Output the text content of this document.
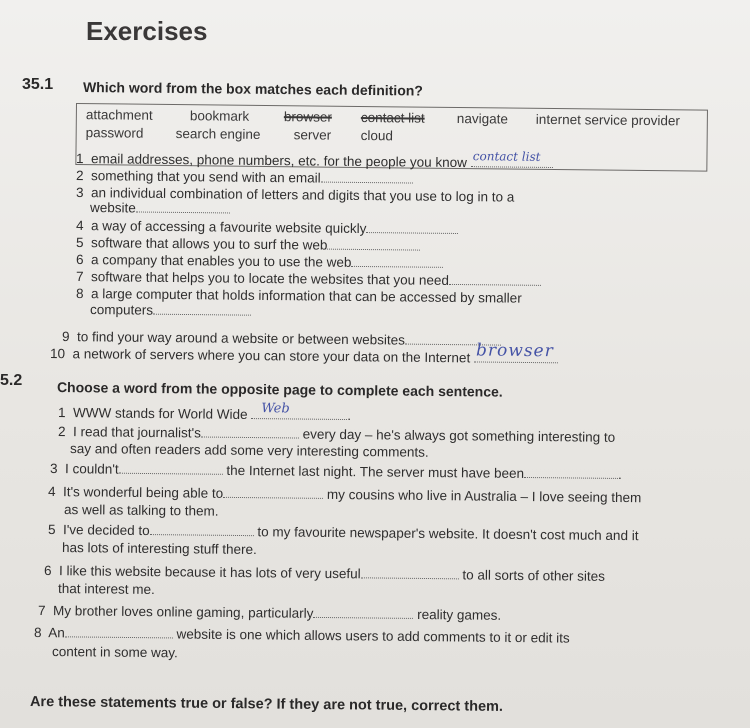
Exercises
35.1 Which word from the box matches each definition?
attachment	bookmark	browser contact list navigate internet service provider
password search engine server cloud
1 email addresses, phone numbers, etc. for the people you know contact list
2 something that you send with an email
3 an individual combination of letters and digits that you use to log in to a
website
4 a way of accessing a favourite website quickly
5 software that allows you to surf the web
6 a company that enables you to use the web
7 software that helps you to locate the websites that you need
8 a large computer that holds information that can be accessed by smaller
computers
9 to find your way around a website or between websites
10 a network of servers where you can store your data on the Internet browser
5.2 Choose a word from the opposite page to complete each sentence.
1 WWW stands for World Wide Web	.
2 I read that journalist's	every day – he's always got something interesting to
say and often readers add some very interesting comments.
3 I couldn't	the Internet last night. The server must have been	.
4 It's wonderful being able to	my cousins who live in Australia – I love seeing them
as well as talking to them.
5 I've decided to	to my favourite newspaper's website. It doesn't cost much and it
has lots of interesting stuff there.
6 I like this website because it has lots of very useful	to all sorts of other sites
that interest me.
7 My brother loves online gaming, particularly	reality games.
8 An	website is one which allows users to add comments to it or edit its
content in some way.
Are these statements true or false? If they are not true, correct them.
